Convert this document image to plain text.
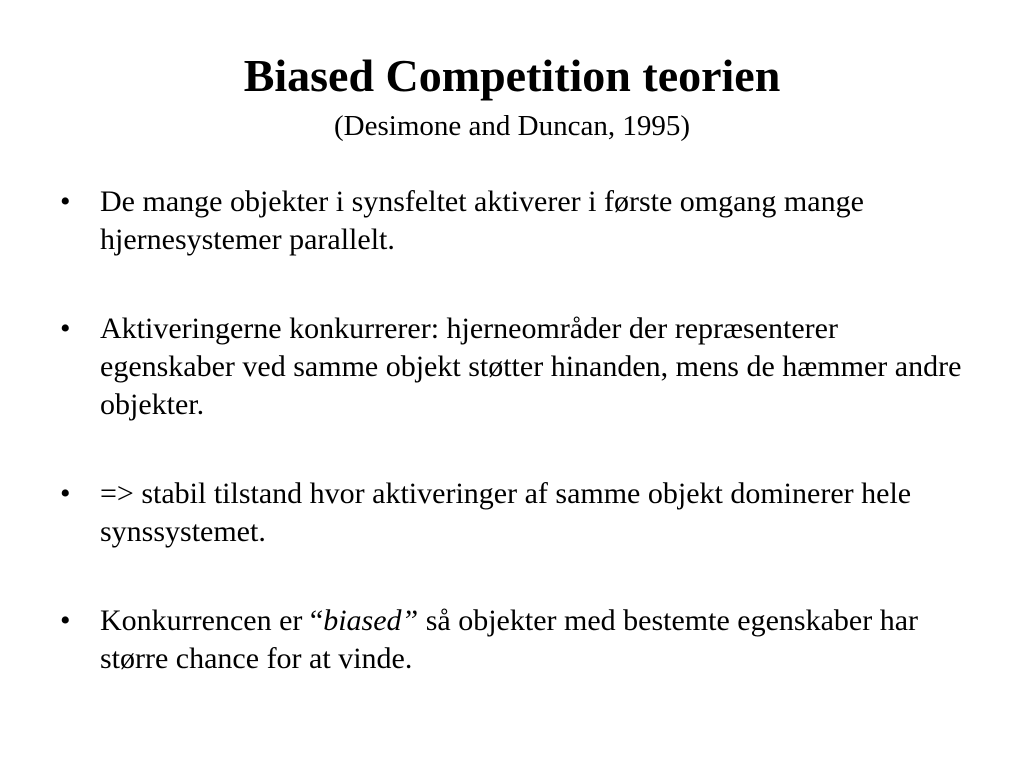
Biased Competition teorien
(Desimone and Duncan, 1995)
• De mange objekter i synsfeltet aktiverer i første omgang mange hjernesystemer parallelt.
• Aktiveringerne konkurrerer: hjerneområder der repræsenterer egenskaber ved samme objekt støtter hinanden, mens de hæmmer andre objekter.
• => stabil tilstand hvor aktiveringer af samme objekt dominerer hele synssystemet.
• Konkurrencen er “biased” så objekter med bestemte egenskaber har større chance for at vinde.
